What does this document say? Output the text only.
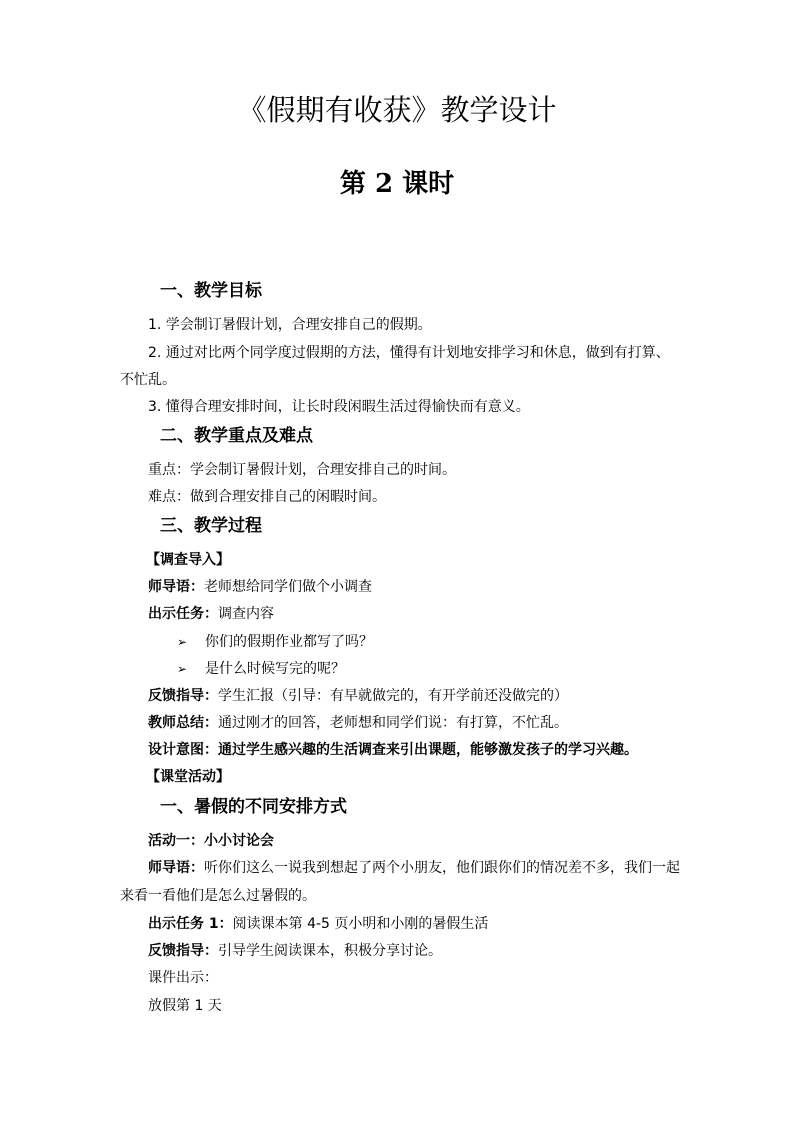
《假期有收获》教学设计
第 2 课时
一、教学目标
1. 学会制订暑假计划，合理安排自己的假期。
2. 通过对比两个同学度过假期的方法，懂得有计划地安排学习和休息，做到有打算、
不忙乱。
3. 懂得合理安排时间，让长时段闲暇生活过得愉快而有意义。
二、教学重点及难点
重点：学会制订暑假计划，合理安排自己的时间。
难点：做到合理安排自己的闲暇时间。
三、教学过程
【调查导入】
师导语：老师想给同学们做个小调查
出示任务：调查内容
➢ 你们的假期作业都写了吗？
➢ 是什么时候写完的呢？
反馈指导：学生汇报（引导：有早就做完的，有开学前还没做完的）
教师总结：通过刚才的回答，老师想和同学们说：有打算，不忙乱。
设计意图：通过学生感兴趣的生活调查来引出课题，能够激发孩子的学习兴趣。
【课堂活动】
一、暑假的不同安排方式
活动一：小小讨论会
师导语：听你们这么一说我到想起了两个小朋友，他们跟你们的情况差不多，我们一起
来看一看他们是怎么过暑假的。
出示任务 1：阅读课本第 4-5 页小明和小刚的暑假生活
反馈指导：引导学生阅读课本，积极分享讨论。
课件出示：
放假第 1 天
